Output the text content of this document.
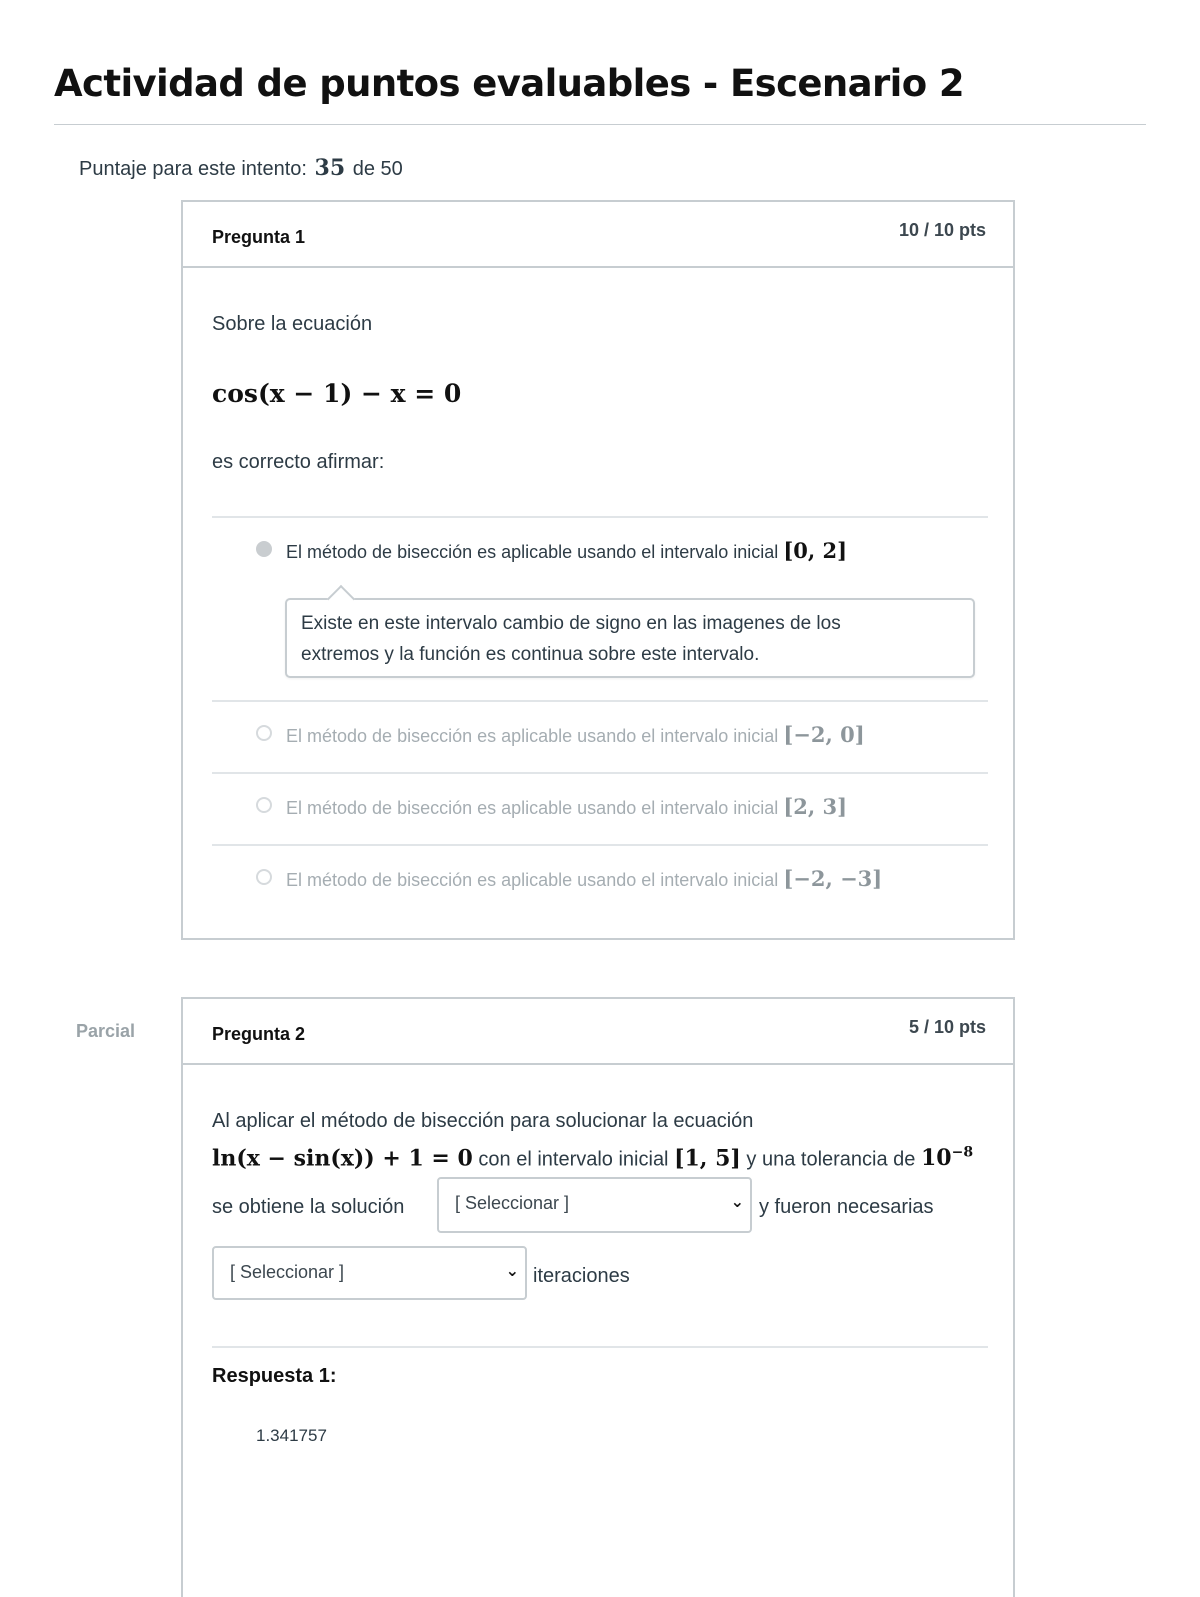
Actividad de puntos evaluables - Escenario 2
Puntaje para este intento: 35 de 50
Pregunta 1	10 / 10 pts

Sobre la ecuación

cos(x − 1) − x = 0

es correcto afirmar:

El método de bisección es aplicable usando el intervalo inicial [0, 2]
Existe en este intervalo cambio de signo en las imagenes de los
extremos y la función es continua sobre este intervalo.
El método de bisección es aplicable usando el intervalo inicial [−2, 0]
El método de bisección es aplicable usando el intervalo inicial [2, 3]
El método de bisección es aplicable usando el intervalo inicial [−2, −3]
Parcial	Pregunta 2	5 / 10 pts
Al aplicar el método de bisección para solucionar la ecuación
ln(x − sin(x)) + 1 = 0 con el intervalo inicial [1, 5] y una tolerancia de $10^{-8}$
se obtiene la solución	[ Seleccionar ]	⌄ y fueron necesarias
[ Seleccionar ]	⌄ iteraciones
Respuesta 1:
1.341757
